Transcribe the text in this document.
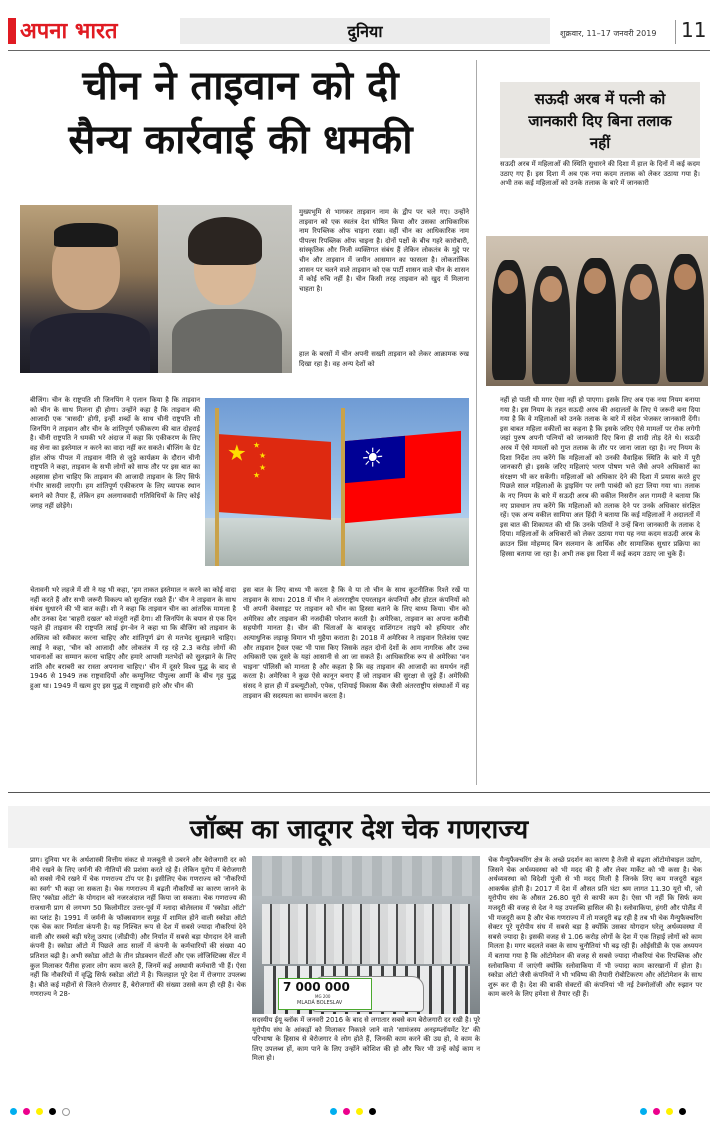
अपना भारत	दुनिया	शुक्रवार, 11–17 जनवरी 2019 11
चीन ने ताइवान को दी
सैन्य कार्रवाई की धमकी
मुख्यभूमि से भागकर ताइवान नाम के द्वीप पर चले गए। उन्होंने ताइवान को एक स्वतंत्र देश घोषित किया और उसका आधिकारिक नाम रिपब्लिक ऑफ चाइना रखा। वहीं चीन का आधिकारिक नाम पीपल्स रिपब्लिक ऑफ चाइना है। दोनों पक्षों के बीच गहरे कारोबारी, सांस्कृतिक और निजी व्यक्तिगत संबंध हैं लेकिन लोकतंत्र के मुद्दे पर चीन और ताइवान में जमीन आसमान का फासला है। लोकतांत्रिक शासन पर चलने वाले ताइवान को एक पार्टी शासन वाले चीन के शासन में कोई रुचि नहीं है। चीन किसी तरह ताइवान को खुद में मिलाना चाहता है।
हाल के बरसों में चीन अपनी सख्ती ताइवान को लेकर आक्रामक रुख दिखा रहा है। वह अन्य देशों को
बीजिंग। चीन के राष्ट्रपति शी जिनपिंग ने एलान किया है कि ताइवान को चीन के साथ मिलना ही होगा। उन्होंने कहा है कि ताइवान की आजादी एक 'त्रासदी' होगी, इन्हीं शब्दों के साथ चीनी राष्ट्रपति शी जिनपिंग ने ताइवान और चीन के शांतिपूर्ण एकीकरण की बात दोहराई है। चीनी राष्ट्रपति ने धमकी भरे अंदाज में कहा कि एकीकरण के लिए वह सेना का इस्तेमाल न करने का वादा नहीं कर सकते। बीजिंग के ग्रेट हॉल ऑफ पीपल में ताइवान नीति से जुड़े कार्यक्रम के दौरान चीनी राष्ट्रपति ने कहा, ताइवान के सभी लोगों को साफ तौर पर इस बात का अहसास होना चाहिए कि ताइवान की आजादी ताइवान के लिए सिर्फ गंभीर त्रासदी लाएगी। हम शांतिपूर्ण एकीकरण के लिए व्यापक स्थान बनाने को तैयार हैं, लेकिन हम अलगाववादी गतिविधियों के लिए कोई जगह नहीं छोड़ेंगे।
★ ★
★
★
★
☀
चेतावनी भरे लहजे में शी ने यह भी कहा, 'हम ताकत इस्तेमाल न करने का कोई वादा नहीं करते हैं और सभी जरूरी विकल्प को सुरक्षित रखते हैं।' चीन ने ताइवान के साथ संबंध सुधारने की भी बात कही। शी ने कहा कि ताइवान चीन का आंतरिक मामला है और उनका देश 'बाहरी दखल' को मंजूरी नहीं देगा। शी जिनपिंग के बयान से एक दिन पहले ही ताइवान की राष्ट्रपति त्साई इंग-वेन ने कहा था कि बीजिंग को ताइवान के अस्तित्व को स्वीकार करना चाहिए और शांतिपूर्ण ढंग से मतभेद सुलझाने चाहिए। त्साई ने कहा, 'चीन को आजादी और लोकतंत्र में रह रहे 2.3 करोड़ लोगों की भावनाओं का सम्मान करना चाहिए और हमारे आपसी मतभेदों को सुलझाने के लिए शांति और बराबरी का रास्ता अपनाना चाहिए।' चीन में दूसरे विश्व युद्ध के बाद से 1946 से 1949 तक राष्ट्रवादियों और कम्युनिस्ट पीपुल्स आर्मी के बीच गृह युद्ध हुआ था। 1949 में खत्म हुए इस युद्ध में राष्ट्रवादी हारे और चीन की
इस बात के लिए बाध्य भी करता है कि वे या तो चीन के साथ कूटनीतिक रिश्ते रखें या ताइवान के साथ। 2018 में चीन ने अंतरराष्ट्रीय एयरलाइन कंपनियों और होटल कंपनियों को भी अपनी वेबसाइट पर ताइवान को चीन का हिस्सा बताने के लिए बाध्य किया। चीन को अमेरिका और ताइवान की नजदीकी परेशान करती है। अमेरिका, ताइवान का अपना करीबी सहयोगी मानता है। चीन की चिंताओं के बावजूद वाशिंगटन ताइपे को हथियार और अत्याधुनिक लड़ाकू विमान भी मुहैया कराता है। 2018 में अमेरिका ने ताइवान रिलेशंस एक्ट और ताइवान ट्रैवल एक्ट भी पास किए जिसके तहत दोनों देशों के आम नागरिक और उच्च अधिकारी एक दूसरे के यहां आसानी से आ जा सकते हैं। आधिकारिक रूप से अमेरिका 'वन चाइना' पॉलिसी को मानता है और कहता है कि वह ताइवान की आजादी का समर्थन नहीं करता है। अमेरिका ने कुछ ऐसे कानून बनाए हैं जो ताइवान की सुरक्षा से जुड़े हैं। अमेरिकी संसद ने हाल ही में डब्ल्यूटीओ, एपेक, एशियाई विकास बैंक जैसी अंतरराष्ट्रीय संस्थाओं में वह ताइवान की सदस्यता का समर्थन करता है।
सऊदी अरब में पत्नी को जानकारी दिए बिना तलाक नहीं
सऊदी अरब में महिलाओं की स्थिति सुधारने की दिशा में हाल के दिनों में कई कदम उठाए गए हैं। इस दिशा में अब एक नया कदम तलाक को लेकर उठाया गया है। अभी तक कई महिलाओं को उनके तलाक के बारे में जानकारी
नहीं हो पाती थी मगर ऐसा नहीं हो पाएगा। इसके लिए अब एक नया नियम बनाया गया है। इस नियम के तहत सऊदी अरब की अदालतों के लिए ये जरूरी बना दिया गया है कि वे महिलाओं को उनके तलाक के बारे में संदेश भेजकर जानकारी देंगी। इस बाबत महिला वकीलों का कहना है कि इसके जरिए ऐसे मामलों पर रोक लगेगी जहां पुरुष अपनी पत्नियों को जानकारी दिए बिना ही शादी तोड़ देते थे। सऊदी अरब में ऐसे मामलों को गुप्त तलाक के तौर पर जाना जाता रहा है। नए नियम के दिशा निर्देश तय करेंगे कि महिलाओं को उनकी वैवाहिक स्थिति के बारे में पूरी जानकारी हो। इसके जरिए महिलाएं भरण पोषण भत्ते जैसे अपने अधिकारों का संरक्षण भी कर सकेंगी। महिलाओं को अधिकार देने की दिशा में प्रयास करते हुए पिछले साल महिलाओं के ड्राइविंग पर लगी पाबंदी को हटा लिया गया था। तलाक के नए नियम के बारे में सऊदी अरब की वकील निसरीन अल गामदी ने बताया कि नए प्रावधान तय करेंगे कि महिलाओं को तलाक देने पर उनके अधिकार संरक्षित रहें। एक अन्य वकील सामिया अल हिंदी ने बताया कि कई महिलाओं ने अदालतों में इस बात की शिकायत की थी कि उनके पतियों ने उन्हें बिना जानकारी के तलाक दे दिया। महिलाओं के अधिकारों को लेकर उठाया गया यह नया कदम सऊदी अरब के क्राउन प्रिंस मोहम्मद बिन सलमान के आर्थिक और सामाजिक सुधार प्रक्रिया का हिस्सा बताया जा रहा है। अभी तक इस दिशा में कई कदम उठाए जा चुके हैं।
जॉब्स का जादूगर देश चेक गणराज्य
प्राग। दुनिया भर के अर्थशास्त्री वित्तीय संकट से मजबूती से उबरने और बेरोजगारी दर को नीचे रखने के लिए जर्मनी की नीतियों की प्रशंसा करते रहे हैं। लेकिन यूरोप में बेरोजगारी को सबसे नीचे रखने में चेक गणराज्य टॉप पर है। इसीलिए चेक गणराज्य को 'नौकरियों का स्वर्ग' भी कहा जा सकता है। चेक गणराज्य में बढ़ती नौकरियों का कारण जानने के लिए 'स्कोडा ऑटो' के योगदान को नजरअंदाज नहीं किया जा सकता। चेक गणराज्य की राजधानी प्राग से लगभग 50 किलोमीटर उत्तर-पूर्व में म्लादा बोलेस्लाव में 'स्कोडा ऑटो' का प्लांट है। 1991 में जर्मनी के फॉक्सवागन समूह में शामिल होने वाली स्कोडा ऑटो एक चेक कार निर्माता कंपनी है। यह निश्चित रूप से देश में सबसे ज्यादा नौकरियां देने वाली और सबसे बड़ी घरेलू उत्पाद (जीडीपी) और निर्यात में सबसे बड़ा योगदान देने वाली कंपनी है। स्कोडा ऑटो में पिछले आठ सालों में कंपनी के कर्मचारियों की संख्या 40 प्रतिशत बढ़ी है। अभी स्कोडा ऑटो के तीन प्रोडक्शन सेंटरों और एक लॉजिस्टिक्स सेंटर में कुल मिलाकर पैंतीस हजार लोग काम करते हैं, जिनमें कई अस्थायी कर्मचारी भी हैं। ऐसा नहीं कि नौकरियों में वृद्धि सिर्फ स्कोडा ऑटो में है। फिलहाल पूरे देश में रोजगार उपलब्ध है। बीते कई महीनों से जितने रोजगार हैं, बेरोजगारों की संख्या उससे कम ही रही है। चेक गणराज्य ने 28-
7 000 000
MG 200
MLADÁ BOLESLAV
सदस्यीय ईयू ब्लॉक में जनवरी 2016 के बाद से लगातार सबसे कम बेरोजगारी दर रखी है। पूरे यूरोपीय संघ के आंकड़ों को मिलाकर निकाले जाने वाले 'सामंजस्य अनइम्प्लॉयमेंट रेट' की परिभाषा के हिसाब से बेरोजगार वे लोग होते हैं, जिनकी काम करने की उम्र हो, वे काम के लिए उपलब्ध हों, काम पाने के लिए उन्होंने कोशिश की हो और फिर भी उन्हें कोई काम न मिला हो।
चेक मैन्युफैक्चरिंग क्षेत्र के अच्छे प्रदर्शन का कारण है तेजी से बढ़ता ऑटोमोबाइल उद्योग, जिसने चेक अर्थव्यवस्था को भी मदद की है और लेबर मार्केट को भी कसा है। चेक अर्थव्यवस्था को विदेशी पूंजी से भी मदद मिली है जिनके लिए कम मजदूरी बहुत आकर्षक होती है। 2017 में देश में औसत प्रति घंटा श्रम लागत 11.30 यूरो थी, जो यूरोपीय संघ के औसत 26.80 यूरो से काफी कम है। ऐसा भी नहीं कि सिर्फ कम मजदूरी की वजह से देश ने यह उपलब्धि हासिल की है। स्लोवाकिया, हंगरी और पोलैंड में भी मजदूरी कम है और चेक गणराज्य में तो मजदूरी बढ़ रही है तब भी चेक मैन्युफैक्चरिंग सेक्टर पूरे यूरोपीय संघ में सबसे बड़ा है क्योंकि उसका योगदान घरेलू अर्थव्यवस्था में सबसे ज्यादा है। इसकी वजह से 1.06 करोड़ लोगों के देश में एक तिहाई लोगों को काम मिलता है। मगर बदलते वक्त के साथ चुनौतियां भी बढ़ रही हैं। ओईसीडी के एक अध्ययन में बताया गया है कि ऑटोमेशन की वजह से सबसे ज्यादा नौकरियां चेक रिपब्लिक और स्लोवाकिया में जाएंगी क्योंकि स्लोवाकिया में भी ज्यादा काम कारखानों में होता है। स्कोडा ऑटो जैसी कंपनियों ने भी भविष्य की तैयारी रोबोटिकरण और ऑटोमेशन के साथ शुरू कर दी है। देश की बाकी सेक्टरों की कंपनियां भी नई टेक्नोलॉजी और रुझान पर काम करने के लिए हमेशा से तैयार रही हैं।
